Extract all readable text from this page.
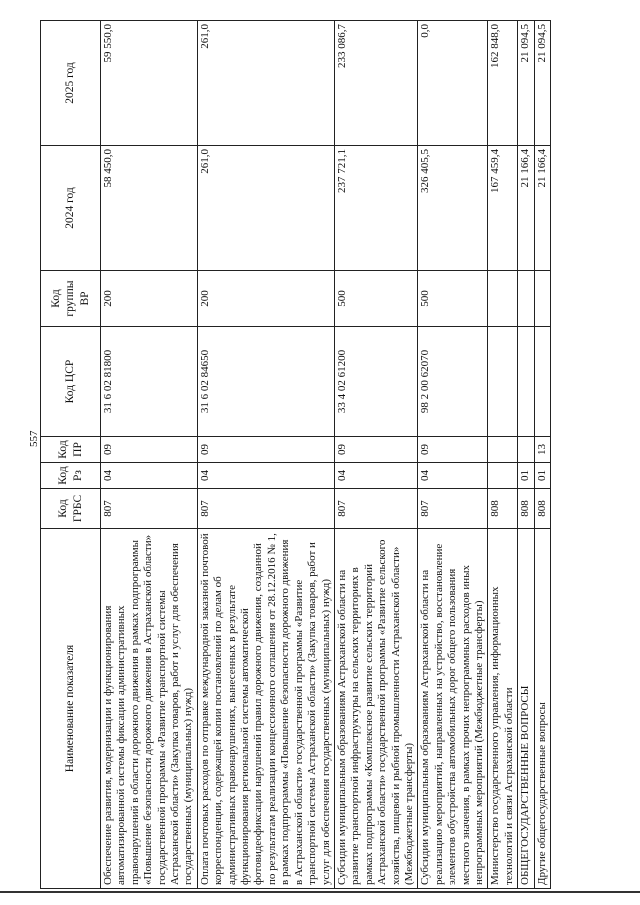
557
Наименование показателя	Код ГРБС	Код Рз	Код ПР	Код ЦСР	Код группы ВР	2024 год	2025 год
Обеспечение развития, модернизации и функционирования автоматизированной системы фиксации административных правонарушений в области дорожного движения в рамках подпрограммы «Повышение безопасности дорожного движения в Астраханской области» государственной программы «Развитие транспортной системы Астраханской области» (Закупка товаров, работ и услуг для обеспечения государственных (муниципальных) нужд)	807	04	09	31 6 02 81800	200	58 450,0	59 550,0
Оплата почтовых расходов по отправке международной заказной почтовой корреспонденции, содержащей копии постановлений по делам об административных правонарушениях, вынесенных в результате функционирования региональной системы автоматической фотовидеофиксации нарушений правил дорожного движения, созданной по результатам реализации концессионного соглашения от 28.12.2016 № 1, в рамках подпрограммы «Повышение безопасности дорожного движения в Астраханской области» государственной программы «Развитие транспортной системы Астраханской области» (Закупка товаров, работ и услуг для обеспечения государственных (муниципальных) нужд)	807	04	09	31 6 02 84650	200	261,0	261,0
Субсидии муниципальным образованиям Астраханской области на развитие транспортной инфраструктуры на сельских территориях в рамках подпрограммы «Комплексное развитие сельских территорий Астраханской области» государственной программы «Развитие сельского хозяйства, пищевой и рыбной промышленности Астраханской области» (Межбюджетные трансферты)	807	04	09	33 4 02 61200	500	237 721,1	233 086,7
Субсидии муниципальным образованиям Астраханской области на реализацию мероприятий, направленных на устройство, восстановление элементов обустройства автомобильных дорог общего пользования местного значения, в рамках прочих непрограммных расходов иных непрограммных мероприятий (Межбюджетные трансферты)	807	04	09	98 2 00 62070	500	326 405,5	0,0
Министерство государственного управления, информационных технологий и связи Астраханской области	808					167 459,4	162 848,0
ОБЩЕГОСУДАРСТВЕННЫЕ ВОПРОСЫ	808	01				21 166,4	21 094,5
Другие общегосударственные вопросы	808	01	13			21 166,4	21 094,5
